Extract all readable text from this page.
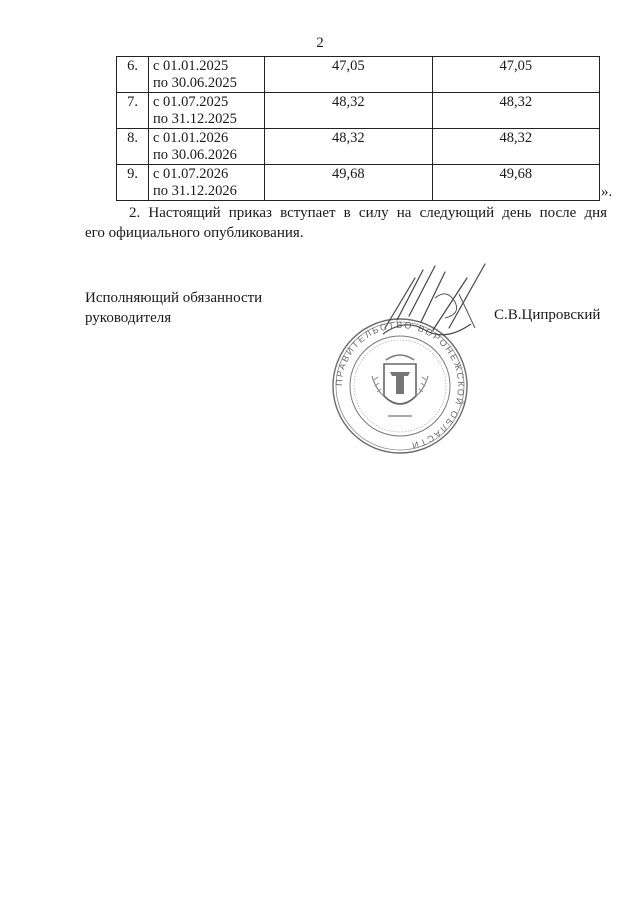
2
6.	с 01.01.2025
по 30.06.2025	47,05	47,05
7.	с 01.07.2025
по 31.12.2025	48,32	48,32
8.	с 01.01.2026
по 30.06.2026	48,32	48,32
9.	с 01.07.2026
по 31.12.2026	49,68	49,68
».
2. Настоящий приказ вступает в силу на следующий день после дня
его официального опубликования.
Исполняющий обязанности
руководителя	С.В.Ципровский
ПРАВИТЕЛЬСТВО ВОРОНЕЖСКОЙ ОБЛАСТИ
